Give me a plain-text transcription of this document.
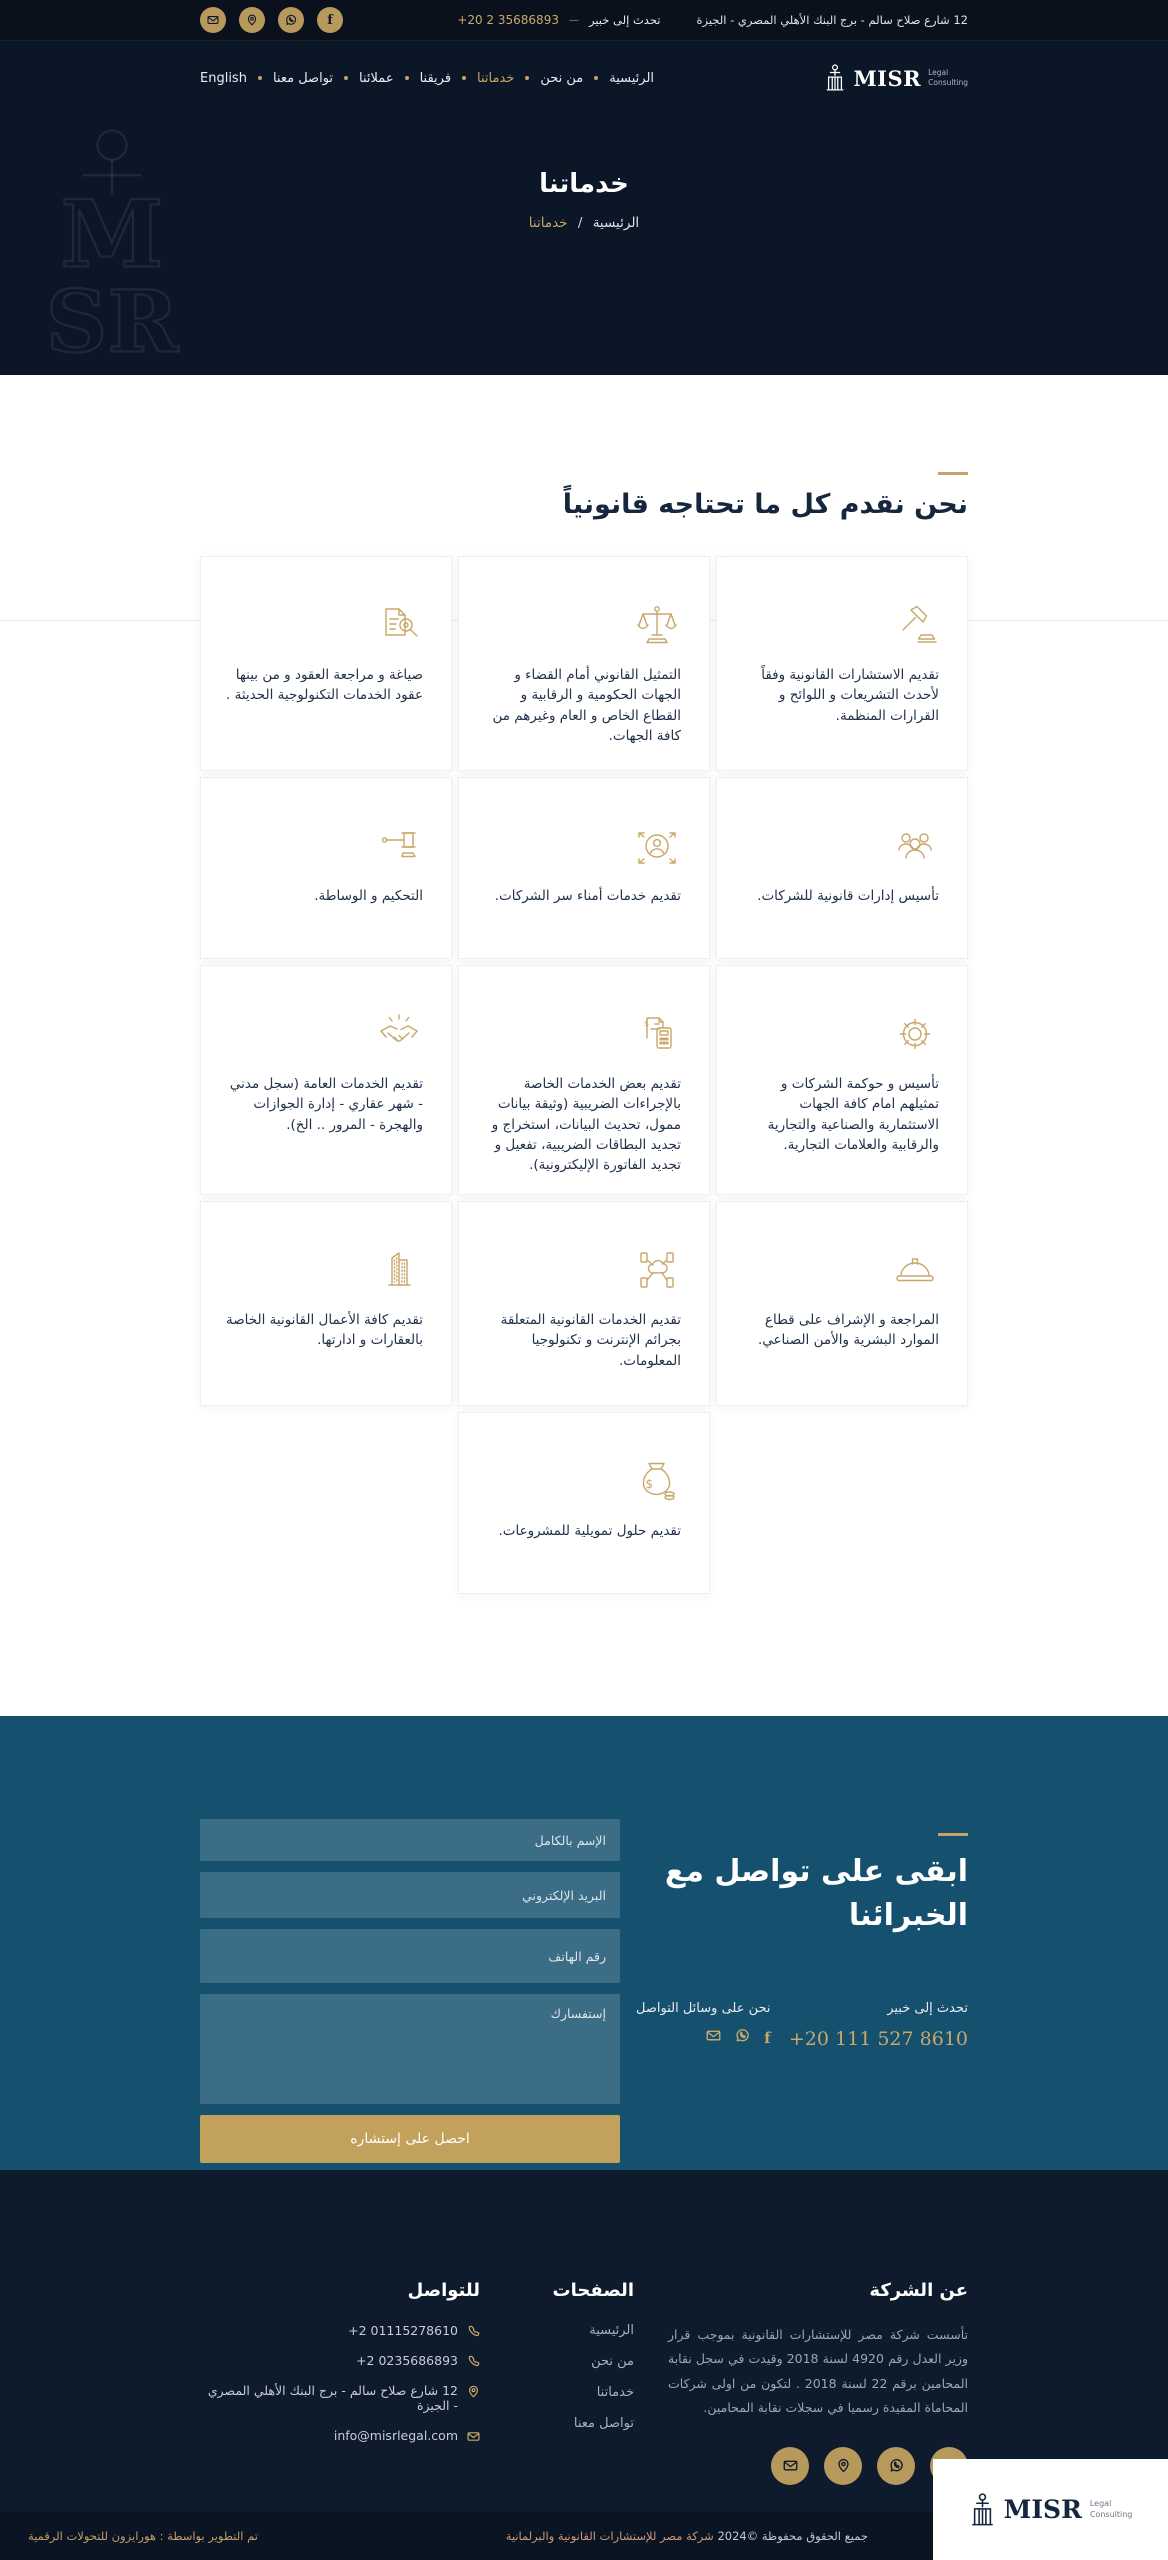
12 شارع صلاح سالم - برج البنك الأهلي المصري - الجيزة
تحدث إلى خبير
—
+20 2 35686893
f
M
SR
MISR Legal
Consulting
الرئيسية
من نحن
خدماتنا
فريقنا
عملائنا
تواصل معنا
English
خدماتنا
الرئيسية / خدماتنا
نحن نقدم كل ما تحتاجه قانونياً

تقديم الاستشارات القانونية وفقاً لأحدث التشريعات و اللوائح و القرارات المنظمة.

التمثيل القانوني أمام القضاء و الجهات الحكومية و الرقابية و القطاع الخاص و العام وغيرهم من كافة الجهات.

صياغة و مراجعة العقود و من بينها عقود الخدمات التكنولوجية الحديثة .

تأسيس إدارات قانونية للشركات.

تقديم خدمات أمناء سر الشركات.

التحكيم و الوساطة.

تأسيس و حوكمة الشركات و تمثيلهم امام كافة الجهات الاستثمارية والصناعية والتجارية والرقابية والعلامات التجارية.

$

تقديم بعض الخدمات الخاصة بالإجراءات الضريبية (وثيقة بيانات ممول، تحديث البيانات، استخراج و تجديد البطاقات الضريبية، تفعيل و تجديد الفاتورة الإليكترونية).

تقديم الخدمات العامة (سجل مدني - شهر عقاري - إدارة الجوازات والهجرة - المرور .. الخ).

المراجعة و الإشراف على قطاع الموارد البشرية والأمن الصناعي.

تقديم الخدمات القانونية المتعلقة بجرائم الإنترنت و تكنولوجيا المعلومات.

تقديم كافة الأعمال القانونية الخاصة بالعقارات و ادارتها.

$

تقديم حلول تمويلية للمشروعات.

ابقى على تواصل مع الخبرائنا
تحدث إلى خبير
+20 111 527 8610
نحن على وسائل التواصل
f
الإسم بالكامل
البريد الإلكتروني
رقم الهاتف
إستفسارك
احصل على إستشاره
عن الشركة

تأسست شركة مصر للإستشارات القانونية بموجب قرار وزير العدل رقم 4920 لسنة 2018 وقيدت في سجل نقابة المحامين برقم 22 لسنة 2018 . لتكون من اولى شركات المحاماة المقيدة رسميا في سجلات نقابة المحامين.

الصفحات
الرئيسية
من نحن
خدماتنا
تواصل معنا
للتواصل
+2 01115278610
+2 0235686893
12 شارع صلاح سالم - برج البنك الأهلي المصري - الجيزة
info@misrlegal.com
تم التطوير بواسطة : هورايزون للتحولات الرقمية	جميع الحقوق محفوظة ©2024 شركة مصر للإستشارات القانونية والبرلمانية
MISR Legal
Consulting
